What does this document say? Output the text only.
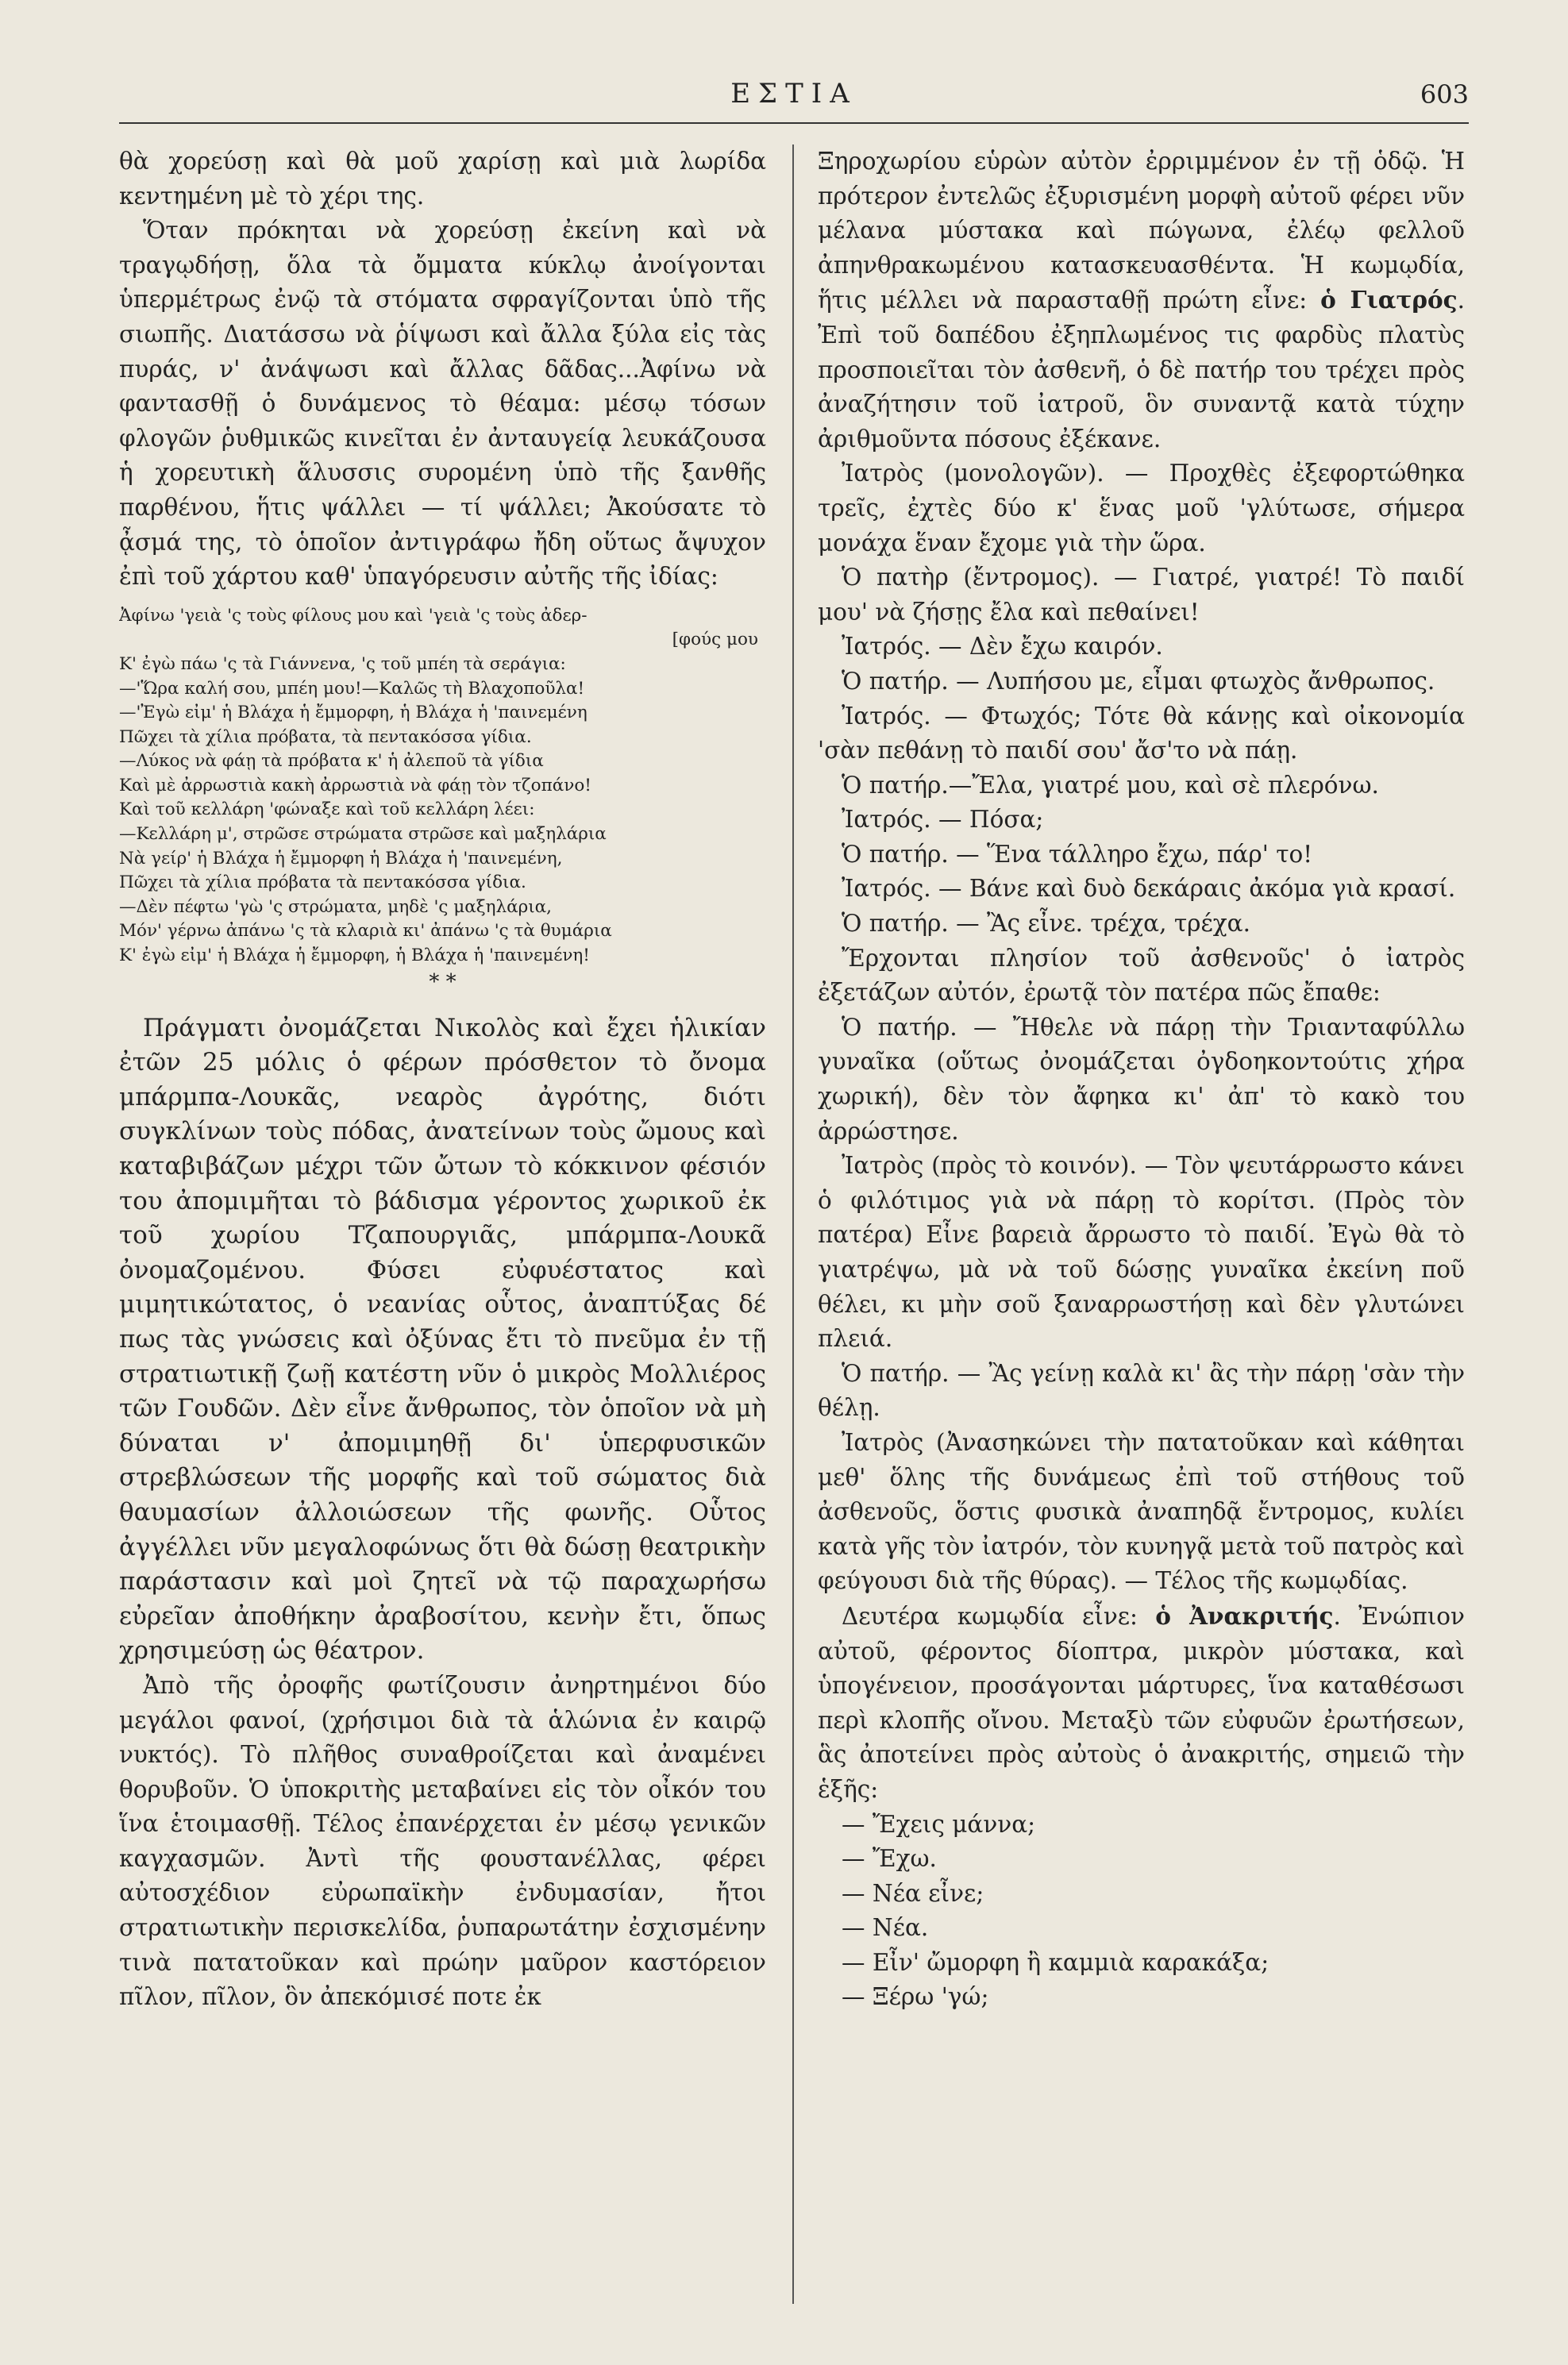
ΕΣΤΙΑ	603

θὰ χορεύσῃ καὶ θὰ μοῦ χαρίσῃ καὶ μιὰ λωρίδα κεντημένη μὲ τὸ χέρι της.

Ὅταν πρόκηται νὰ χορεύσῃ ἐκείνη καὶ νὰ τραγῳδήσῃ, ὅλα τὰ ὄμματα κύκλῳ ἀνοίγονται ὑπερμέτρως ἐνῷ τὰ στόματα σφραγίζονται ὑπὸ τῆς σιωπῆς. Διατάσσω νὰ ῥίψωσι καὶ ἄλλα ξύλα εἰς τὰς πυράς, ν' ἀνάψωσι καὶ ἄλλας δᾶδας...Ἀφίνω νὰ φαντασθῇ ὁ δυνάμενος τὸ θέαμα: μέσῳ τόσων φλογῶν ῥυθμικῶς κινεῖται ἐν ἀνταυγείᾳ λευκάζουσα ἡ χορευτικὴ ἅλυσσις συρομένη ὑπὸ τῆς ξανθῆς παρθένου, ἥτις ψάλλει — τί ψάλλει; Ἀκούσατε τὸ ᾆσμά της, τὸ ὁποῖον ἀντιγράφω ἤδη οὕτως ἄψυχον ἐπὶ τοῦ χάρτου καθ' ὑπαγόρευσιν αὐτῆς τῆς ἰδίας:

Ἀφίνω 'γειὰ 'ς τοὺς φίλους μου καὶ 'γειὰ 'ς τοὺς ἀδερ-
[φούς μου
Κ' ἐγὼ πάω 'ς τὰ Γιάννενα, 'ς τοῦ μπέη τὰ σεράγια:
—'Ὥρα καλή σου, μπέη μου!—Καλῶς τὴ Βλαχοποῦλα!
—'Ἐγὼ εἰμ' ἡ Βλάχα ἡ ἔμμορφη, ἡ Βλάχα ἡ 'παινεμένη
Πῶχει τὰ χίλια πρόβατα, τὰ πεντακόσσα γίδια.
—Λύκος νὰ φάῃ τὰ πρόβατα κ' ἡ ἀλεποῦ τὰ γίδια
Καὶ μὲ ἀρρωστιὰ κακὴ ἀρρωστιὰ νὰ φάῃ τὸν τζοπάνο!
Καὶ τοῦ κελλάρη 'φώναξε καὶ τοῦ κελλάρη λέει:
—Κελλάρη μ', στρῶσε στρώματα στρῶσε καὶ μαξηλάρια
Νὰ γείρ' ἡ Βλάχα ἡ ἔμμορφη ἡ Βλάχα ἡ 'παινεμένη,
Πῶχει τὰ χίλια πρόβατα τὰ πεντακόσσα γίδια.
—Δὲν πέφτω 'γὼ 'ς στρώματα, μηδὲ 'ς μαξηλάρια,
Μόν' γέρνω ἀπάνω 'ς τὰ κλαριὰ κι' ἀπάνω 'ς τὰ θυμάρια
Κ' ἐγὼ εἰμ' ἡ Βλάχα ἡ ἔμμορφη, ἡ Βλάχα ἡ 'παινεμένη!
* *

Πράγματι ὀνομάζεται Νικολὸς καὶ ἔχει ἡλικίαν ἐτῶν 25 μόλις ὁ φέρων πρόσθετον τὸ ὄνομα μπάρμπα-Λουκᾶς, νεαρὸς ἀγρότης, διότι συγκλίνων τοὺς πόδας, ἀνατείνων τοὺς ὤμους καὶ καταβιβάζων μέχρι τῶν ὤτων τὸ κόκκινον φέσιόν του ἀπομιμῆται τὸ βάδισμα γέροντος χωρικοῦ ἐκ τοῦ χωρίου Τζαπουργιᾶς, μπάρμπα-Λουκᾶ ὀνομαζομένου. Φύσει εὐφυέστατος καὶ μιμητικώτατος, ὁ νεανίας οὗτος, ἀναπτύξας δέ πως τὰς γνώσεις καὶ ὀξύνας ἔτι τὸ πνεῦμα ἐν τῇ στρατιωτικῇ ζωῇ κατέστη νῦν ὁ μικρὸς Μολλιέρος τῶν Γουδῶν. Δὲν εἶνε ἄνθρωπος, τὸν ὁποῖον νὰ μὴ δύναται ν' ἀπομιμηθῇ δι' ὑπερφυσικῶν στρεβλώσεων τῆς μορφῆς καὶ τοῦ σώματος διὰ θαυμασίων ἀλλοιώσεων τῆς φωνῆς. Οὗτος ἀγγέλλει νῦν μεγαλοφώνως ὅτι θὰ δώσῃ θεατρικὴν παράστασιν καὶ μοὶ ζητεῖ νὰ τῷ παραχωρήσω εὐρεῖαν ἀποθήκην ἀραβοσίτου, κενὴν ἔτι, ὅπως χρησιμεύσῃ ὡς θέατρον.

Ἀπὸ τῆς ὀροφῆς φωτίζουσιν ἀνηρτημένοι δύο μεγάλοι φανοί, (χρήσιμοι διὰ τὰ ἁλώνια ἐν καιρῷ νυκτός). Τὸ πλῆθος συναθροίζεται καὶ ἀναμένει θορυβοῦν. Ὁ ὑποκριτὴς μεταβαίνει εἰς τὸν οἶκόν του ἵνα ἑτοιμασθῇ. Τέλος ἐπανέρχεται ἐν μέσῳ γενικῶν καγχασμῶν. Ἀντὶ τῆς φουστανέλλας, φέρει αὐτοσχέδιον εὐρωπαϊκὴν ἐνδυμασίαν, ἤτοι στρατιωτικὴν περισκελίδα, ῥυπαρωτάτην ἐσχισμένην τινὰ πατατοῦκαν καὶ πρώην μαῦρον καστόρειον πῖλον, πῖλον, ὃν ἀπεκόμισέ ποτε ἐκ

Ξηροχωρίου εὑρὼν αὐτὸν ἐρριμμένον ἐν τῇ ὁδῷ. Ἡ πρότερον ἐντελῶς ἐξυρισμένη μορφὴ αὐτοῦ φέρει νῦν μέλανα μύστακα καὶ πώγωνα, ἐλέῳ φελλοῦ ἀπηνθρακωμένου κατασκευασθέντα. Ἡ κωμῳδία, ἥτις μέλλει νὰ παρασταθῇ πρώτη εἶνε: ὁ Γιατρός. Ἐπὶ τοῦ δαπέδου ἐξηπλωμένος τις φαρδὺς πλατὺς προσποιεῖται τὸν ἀσθενῆ, ὁ δὲ πατήρ του τρέχει πρὸς ἀναζήτησιν τοῦ ἰατροῦ, ὃν συναντᾷ κατὰ τύχην ἀριθμοῦντα πόσους ἐξέκανε.

Ἰατρὸς (μονολογῶν). — Προχθὲς ἐξεφορτώθηκα τρεῖς, ἐχτὲς δύο κ' ἕνας μοῦ 'γλύτωσε, σήμερα μονάχα ἕναν ἔχομε γιὰ τὴν ὥρα.

Ὁ πατὴρ (ἔντρομος). — Γιατρέ, γιατρέ! Τὸ παιδί μου' νὰ ζήσῃς ἔλα καὶ πεθαίνει!

Ἰατρός. — Δὲν ἔχω καιρόν.

Ὁ πατήρ. — Λυπήσου με, εἶμαι φτωχὸς ἄνθρωπος.

Ἰατρός. — Φτωχός; Τότε θὰ κάνῃς καὶ οἰκονομία 'σὰν πεθάνῃ τὸ παιδί σου' ἄσ'το νὰ πάῃ.

Ὁ πατήρ.—Ἔλα, γιατρέ μου, καὶ σὲ πλερόνω.

Ἰατρός. — Πόσα;

Ὁ πατήρ. — Ἕνα τάλληρο ἔχω, πάρ' το!

Ἰατρός. — Βάνε καὶ δυὸ δεκάραις ἀκόμα γιὰ κρασί.

Ὁ πατήρ. — Ἂς εἶνε. τρέχα, τρέχα.

Ἔρχονται πλησίον τοῦ ἀσθενοῦς' ὁ ἰατρὸς ἐξετάζων αὐτόν, ἐρωτᾷ τὸν πατέρα πῶς ἔπαθε:

Ὁ πατήρ. — Ἤθελε νὰ πάρῃ τὴν Τριανταφύλλω γυναῖκα (οὕτως ὀνομάζεται ὀγδοηκοντούτις χήρα χωρική), δὲν τὸν ἄφηκα κι' ἀπ' τὸ κακὸ του ἀρρώστησε.

Ἰατρὸς (πρὸς τὸ κοινόν). — Τὸν ψευτάρρωστο κάνει ὁ φιλότιμος γιὰ νὰ πάρῃ τὸ κορίτσι. (Πρὸς τὸν πατέρα) Εἶνε βαρειὰ ἄρρωστο τὸ παιδί. Ἐγὼ θὰ τὸ γιατρέψω, μὰ νὰ τοῦ δώσῃς γυναῖκα ἐκείνη ποῦ θέλει, κι μὴν σοῦ ξαναρρωστήσῃ καὶ δὲν γλυτώνει πλειά.

Ὁ πατήρ. — Ἂς γείνῃ καλὰ κι' ἂς τὴν πάρῃ 'σὰν τὴν θέλῃ.

Ἰατρὸς (Ἀνασηκώνει τὴν πατατοῦκαν καὶ κάθηται μεθ' ὅλης τῆς δυνάμεως ἐπὶ τοῦ στήθους τοῦ ἀσθενοῦς, ὅστις φυσικὰ ἀναπηδᾷ ἔντρομος, κυλίει κατὰ γῆς τὸν ἰατρόν, τὸν κυνηγᾷ μετὰ τοῦ πατρὸς καὶ φεύγουσι διὰ τῆς θύρας). — Τέλος τῆς κωμῳδίας.

Δευτέρα κωμῳδία εἶνε: ὁ Ἀνακριτής. Ἐνώπιον αὐτοῦ, φέροντος δίοπτρα, μικρὸν μύστακα, καὶ ὑπογένειον, προσάγονται μάρτυρες, ἵνα καταθέσωσι περὶ κλοπῆς οἴνου. Μεταξὺ τῶν εὐφυῶν ἐρωτήσεων, ἃς ἀποτείνει πρὸς αὐτοὺς ὁ ἀνακριτής, σημειῶ τὴν ἑξῆς:

— Ἔχεις μάννα;

— Ἔχω.

— Νέα εἶνε;

— Νέα.

— Εἶν' ὤμορφη ἢ καμμιὰ καρακάξα;

— Ξέρω 'γώ;
